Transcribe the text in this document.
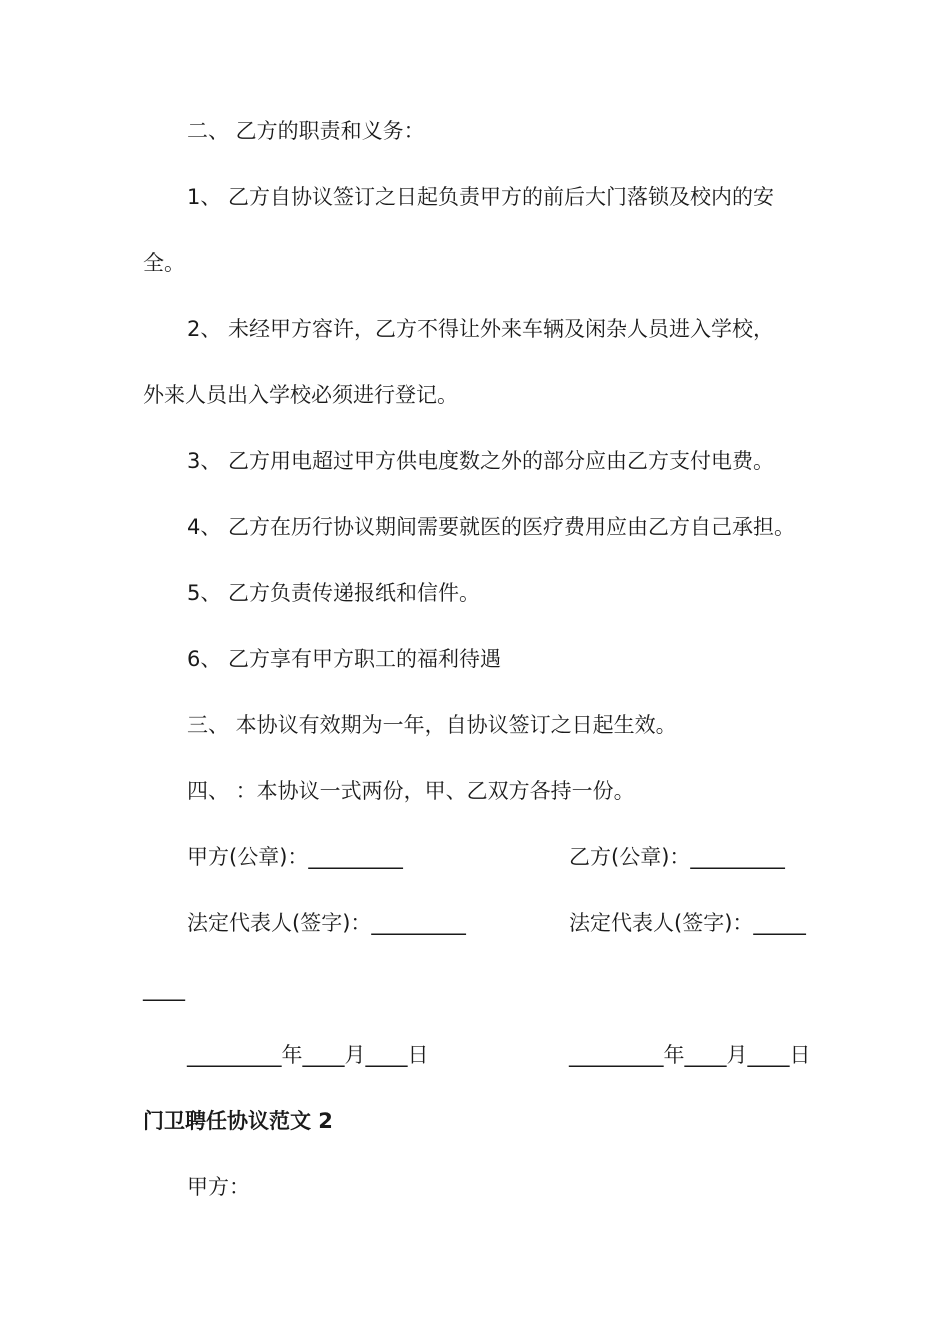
二、 乙方的职责和义务：
1、 乙方自协议签订之日起负责甲方的前后大门落锁及校内的安
全。
2、 未经甲方容许，乙方不得让外来车辆及闲杂人员进入学校，
外来人员出入学校必须进行登记。
3、 乙方用电超过甲方供电度数之外的部分应由乙方支付电费。
4、 乙方在历行协议期间需要就医的医疗费用应由乙方自己承担。
5、 乙方负责传递报纸和信件。
6、 乙方享有甲方职工的福利待遇
三、 本协议有效期为一年，自协议签订之日起生效。
四、 ：本协议一式两份，甲、乙双方各持一份。
甲方(公章)：_________	乙方(公章)：_________
法定代表人(签字)：_________	法定代表人(签字)：_____
____
_________年____月____日	_________年____月____日
门卫聘任协议范文 2
甲方：
